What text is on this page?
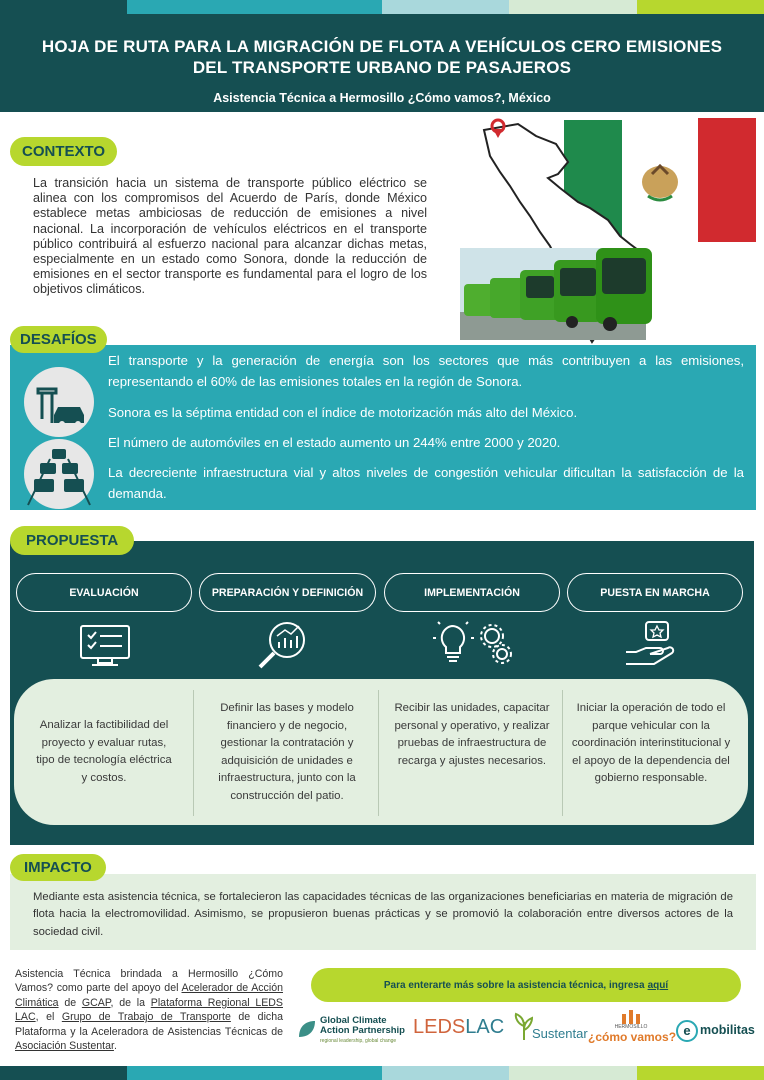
HOJA DE RUTA PARA LA MIGRACIÓN DE FLOTA A VEHÍCULOS CERO EMISIONES
DEL TRANSPORTE URBANO DE PASAJEROS
Asistencia Técnica a Hermosillo ¿Cómo vamos?, México
CONTEXTO
La transición hacia un sistema de transporte público eléctrico se alinea con los compromisos del Acuerdo de París, donde México establece metas ambiciosas de reducción de emisiones a nivel nacional. La incorporación de vehículos eléctricos en el transporte público contribuirá al esfuerzo nacional para alcanzar dichas metas, especialmente en un estado como Sonora, donde la reducción de emisiones en el sector transporte es fundamental para el logro de los objetivos climáticos.

El transporte y la generación de energía son los sectores que más contribuyen a las emisiones, representando el 60% de las emisiones totales en la región de Sonora.

Sonora es la séptima entidad con el índice de motorización más alto del México.

El número de automóviles en el estado aumento un 244% entre 2000 y 2020.

La decreciente infraestructura vial y altos niveles de congestión vehicular dificultan la satisfacción de la demanda.

DESAFÍOS
PROPUESTA
EVALUACIÓN	PREPARACIÓN Y DEFINICIÓN	IMPLEMENTACIÓN	PUESTA EN MARCHA
Analizar la factibilidad del proyecto y evaluar rutas, tipo de tecnología eléctrica y costos.
Definir las bases y modelo financiero y de negocio, gestionar la contratación y adquisición de unidades e infraestructura, junto con la construcción del patio.
Recibir las unidades, capacitar personal y operativo, y realizar pruebas de infraestructura de recarga y ajustes necesarios.
Iniciar la operación de todo el parque vehicular con la coordinación interinstitucional y el apoyo de la dependencia del gobierno responsable.
IMPACTO
Mediante esta asistencia técnica, se fortalecieron las capacidades técnicas de las organizaciones beneficiarias en materia de migración de flota hacia la electromovilidad. Asimismo, se propusieron buenas prácticas y se promovió la colaboración entre diversos actores de la sociedad civil.
Asistencia Técnica brindada a Hermosillo ¿Cómo Vamos? como parte del apoyo del Acelerador de Acción Climática de GCAP, de la Plataforma Regional LEDS LAC, el Grupo de Trabajo de Transporte de dicha Plataforma y la Aceleradora de Asistencias Técnicas de Asociación Sustentar.
Para enterarte más sobre la asistencia técnica, ingresa aquí
Global Climate
Action Partnership
regional leadership, global change
LEDSLAC Sustentar	HERMOSILLO
¿cómo vamos? e mobilitas
